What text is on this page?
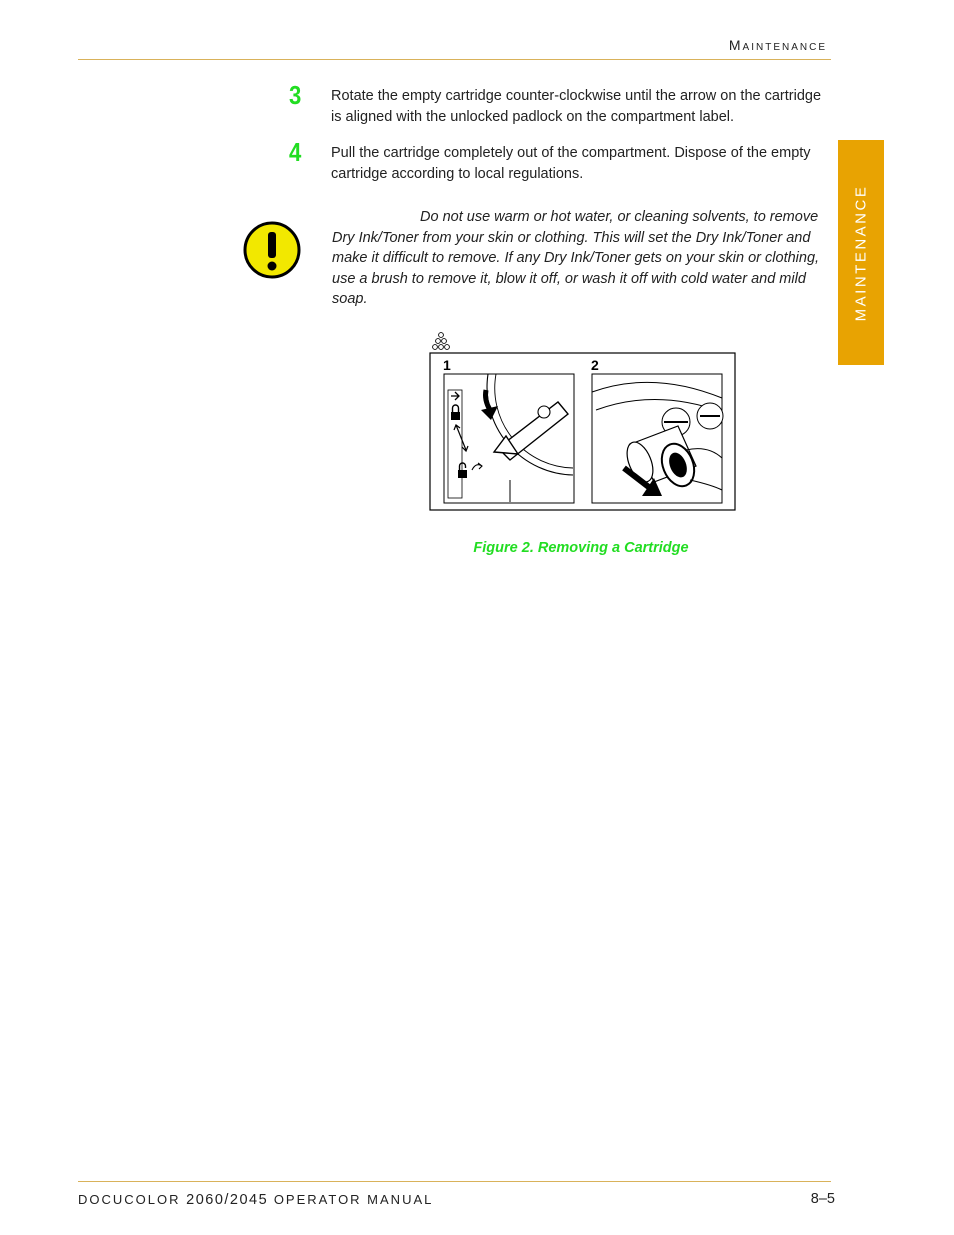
Maintenance
MAINTENANCE
3 Rotate the empty cartridge counter-clockwise until the arrow on the cartridge is aligned with the unlocked padlock on the compartment label.
4 Pull the cartridge completely out of the compartment. Dispose of the empty cartridge according to local regulations.
Do not use warm or hot water, or cleaning solvents, to remove Dry Ink/Toner from your skin or clothing. This will set the Dry Ink/Toner and make it difficult to remove. If any Dry Ink/Toner gets on your skin or clothing, use a brush to remove it, blow it off, or wash it off with cold water and mild soap.
1	2
Figure 2. Removing a Cartridge
DOCUCOLOR 2060/2045 OPERATOR MANUAL	8–5
